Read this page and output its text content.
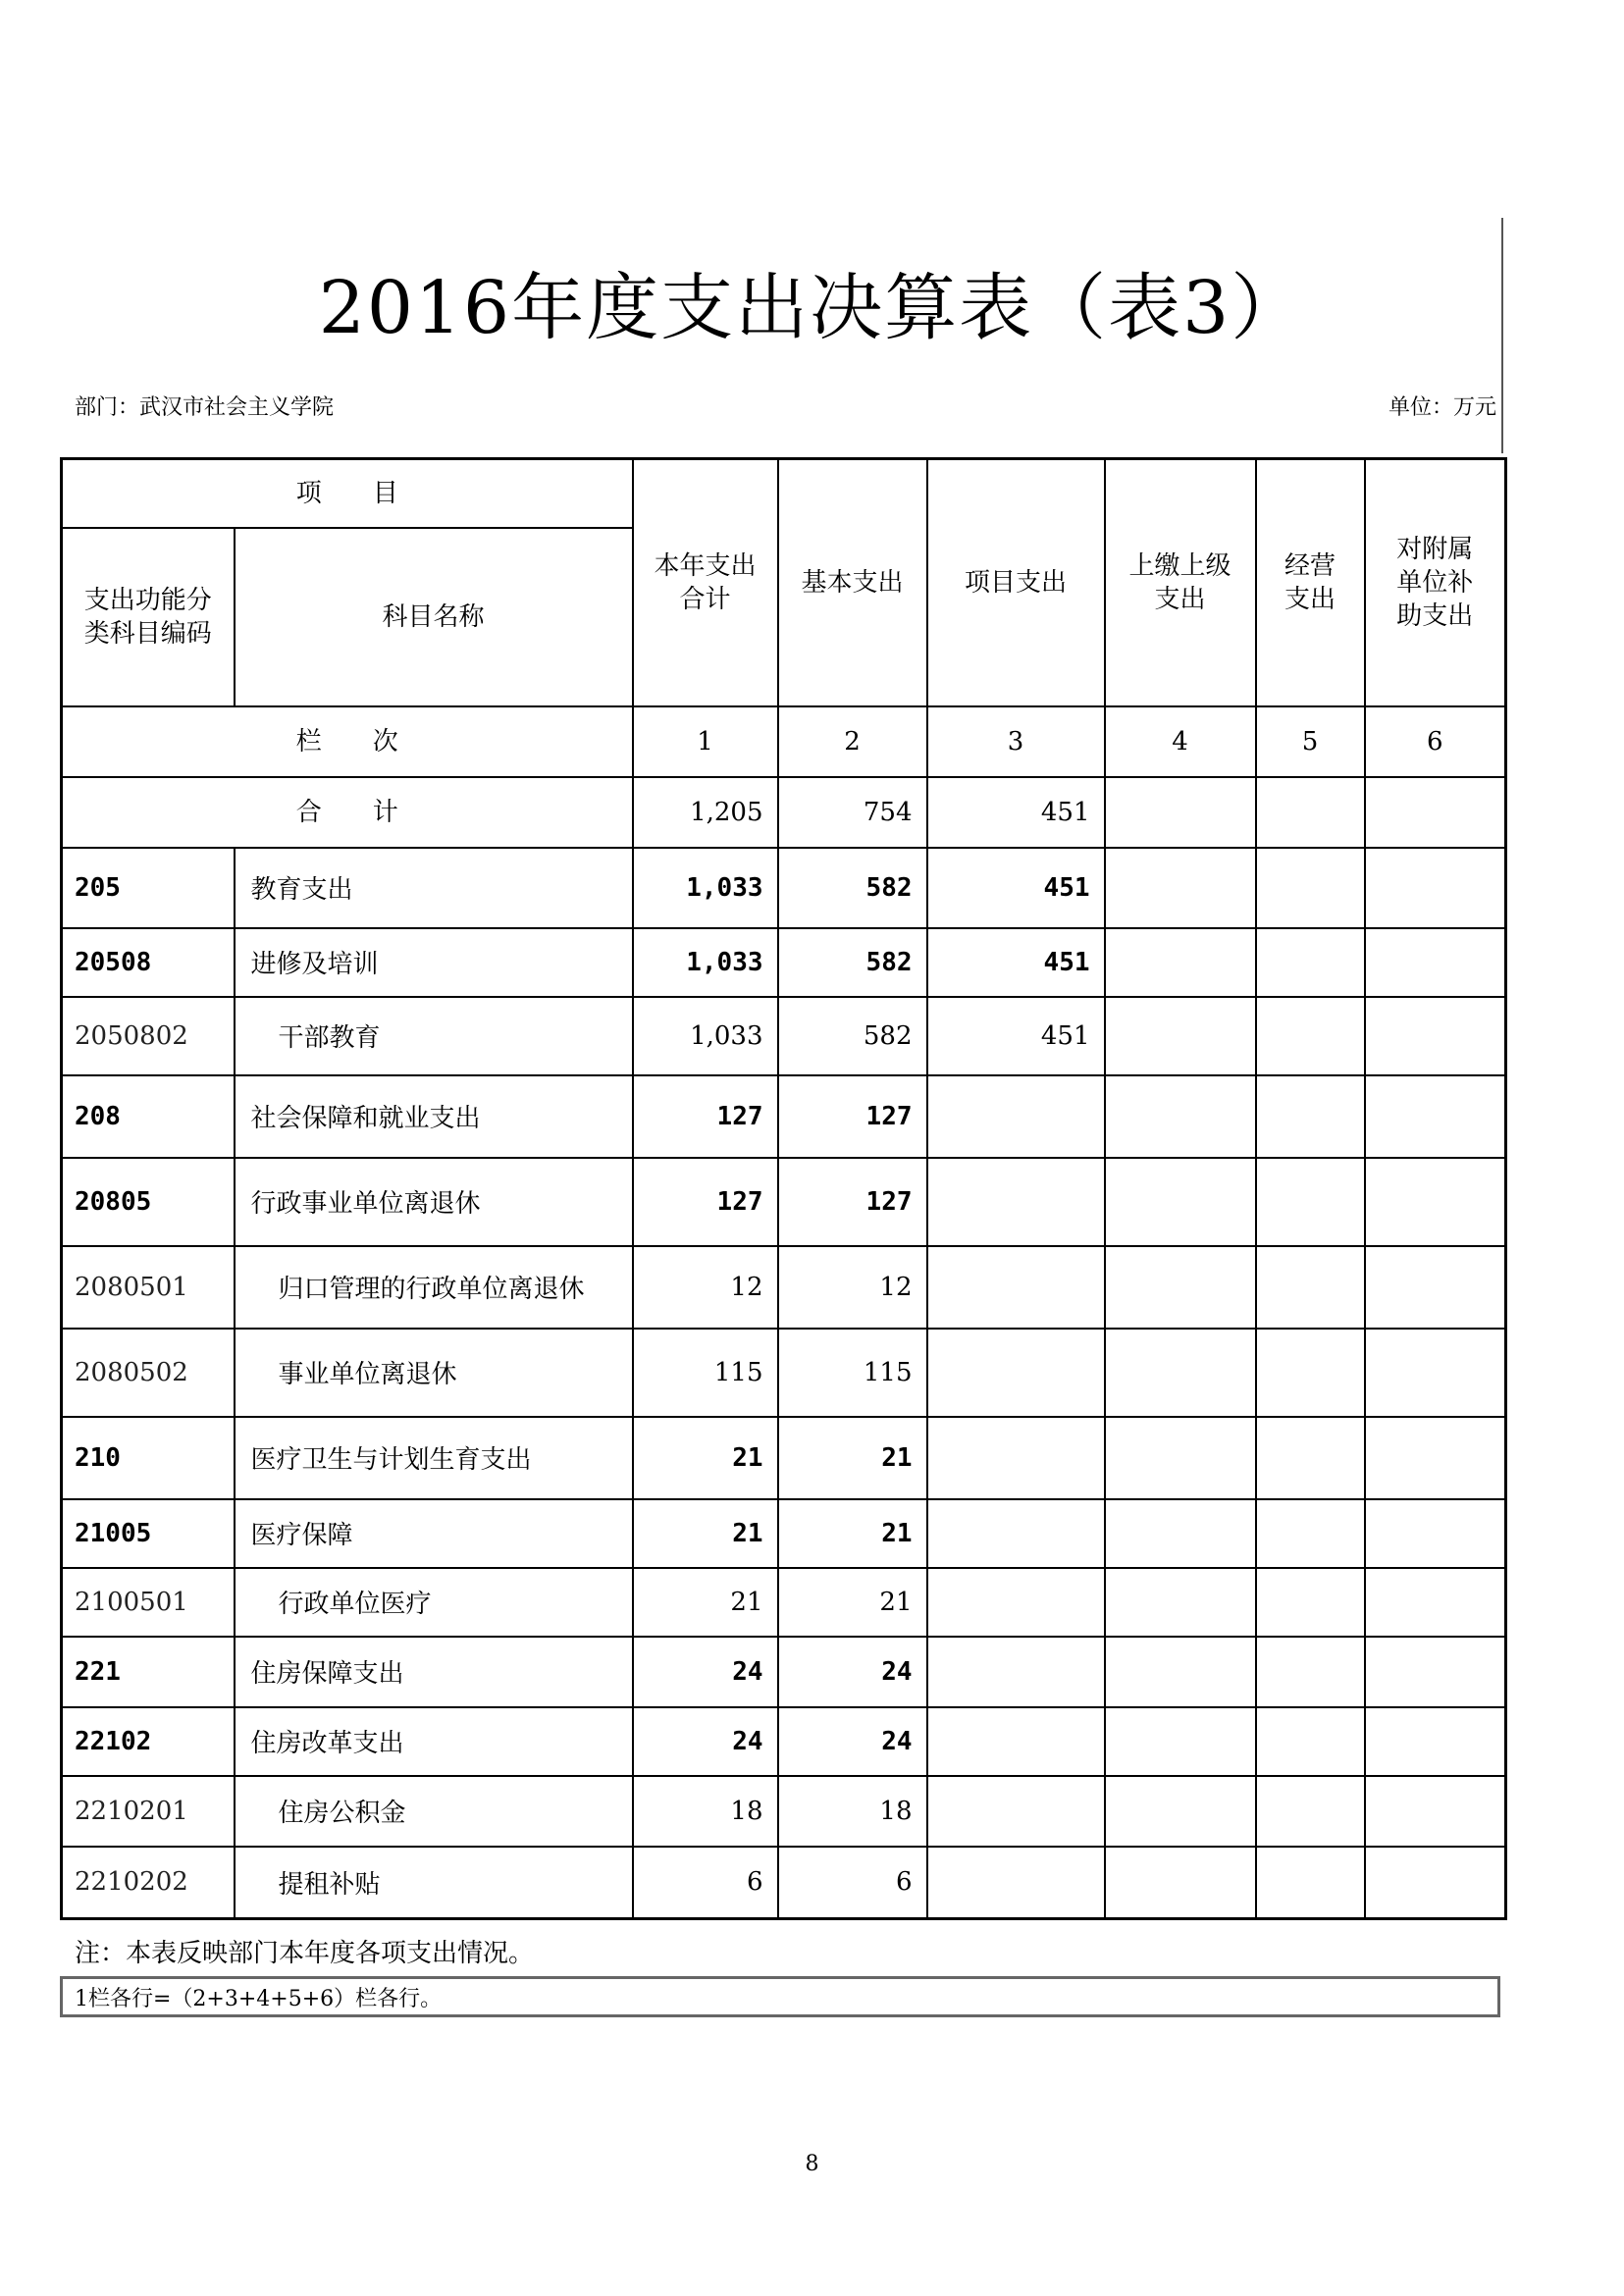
2016年度支出决算表（表3）
部门：武汉市社会主义学院	单位：万元
项　　目		本年支出合计	基本支出	项目支出	上缴上级支出	经营支出	对附属单位补助支出
支出功能分类科目编码	科目名称						
栏　　次		1	2	3	4	5	6
合　　计		1,205	754	451			
205	教育支出	1,033	582	451			
20508	进修及培训	1,033	582	451			
2050802	干部教育	1,033	582	451			
208	社会保障和就业支出	127	127				
20805	行政事业单位离退休	127	127				
2080501	归口管理的行政单位离退休	12	12				
2080502	事业单位离退休	115	115				
210	医疗卫生与计划生育支出	21	21				
21005	医疗保障	21	21				
2100501	行政单位医疗	21	21				
221	住房保障支出	24	24				
22102	住房改革支出	24	24				
2210201	住房公积金	18	18				
2210202	提租补贴	6	6				
注：本表反映部门本年度各项支出情况。
1栏各行=（2+3+4+5+6）栏各行。
8
